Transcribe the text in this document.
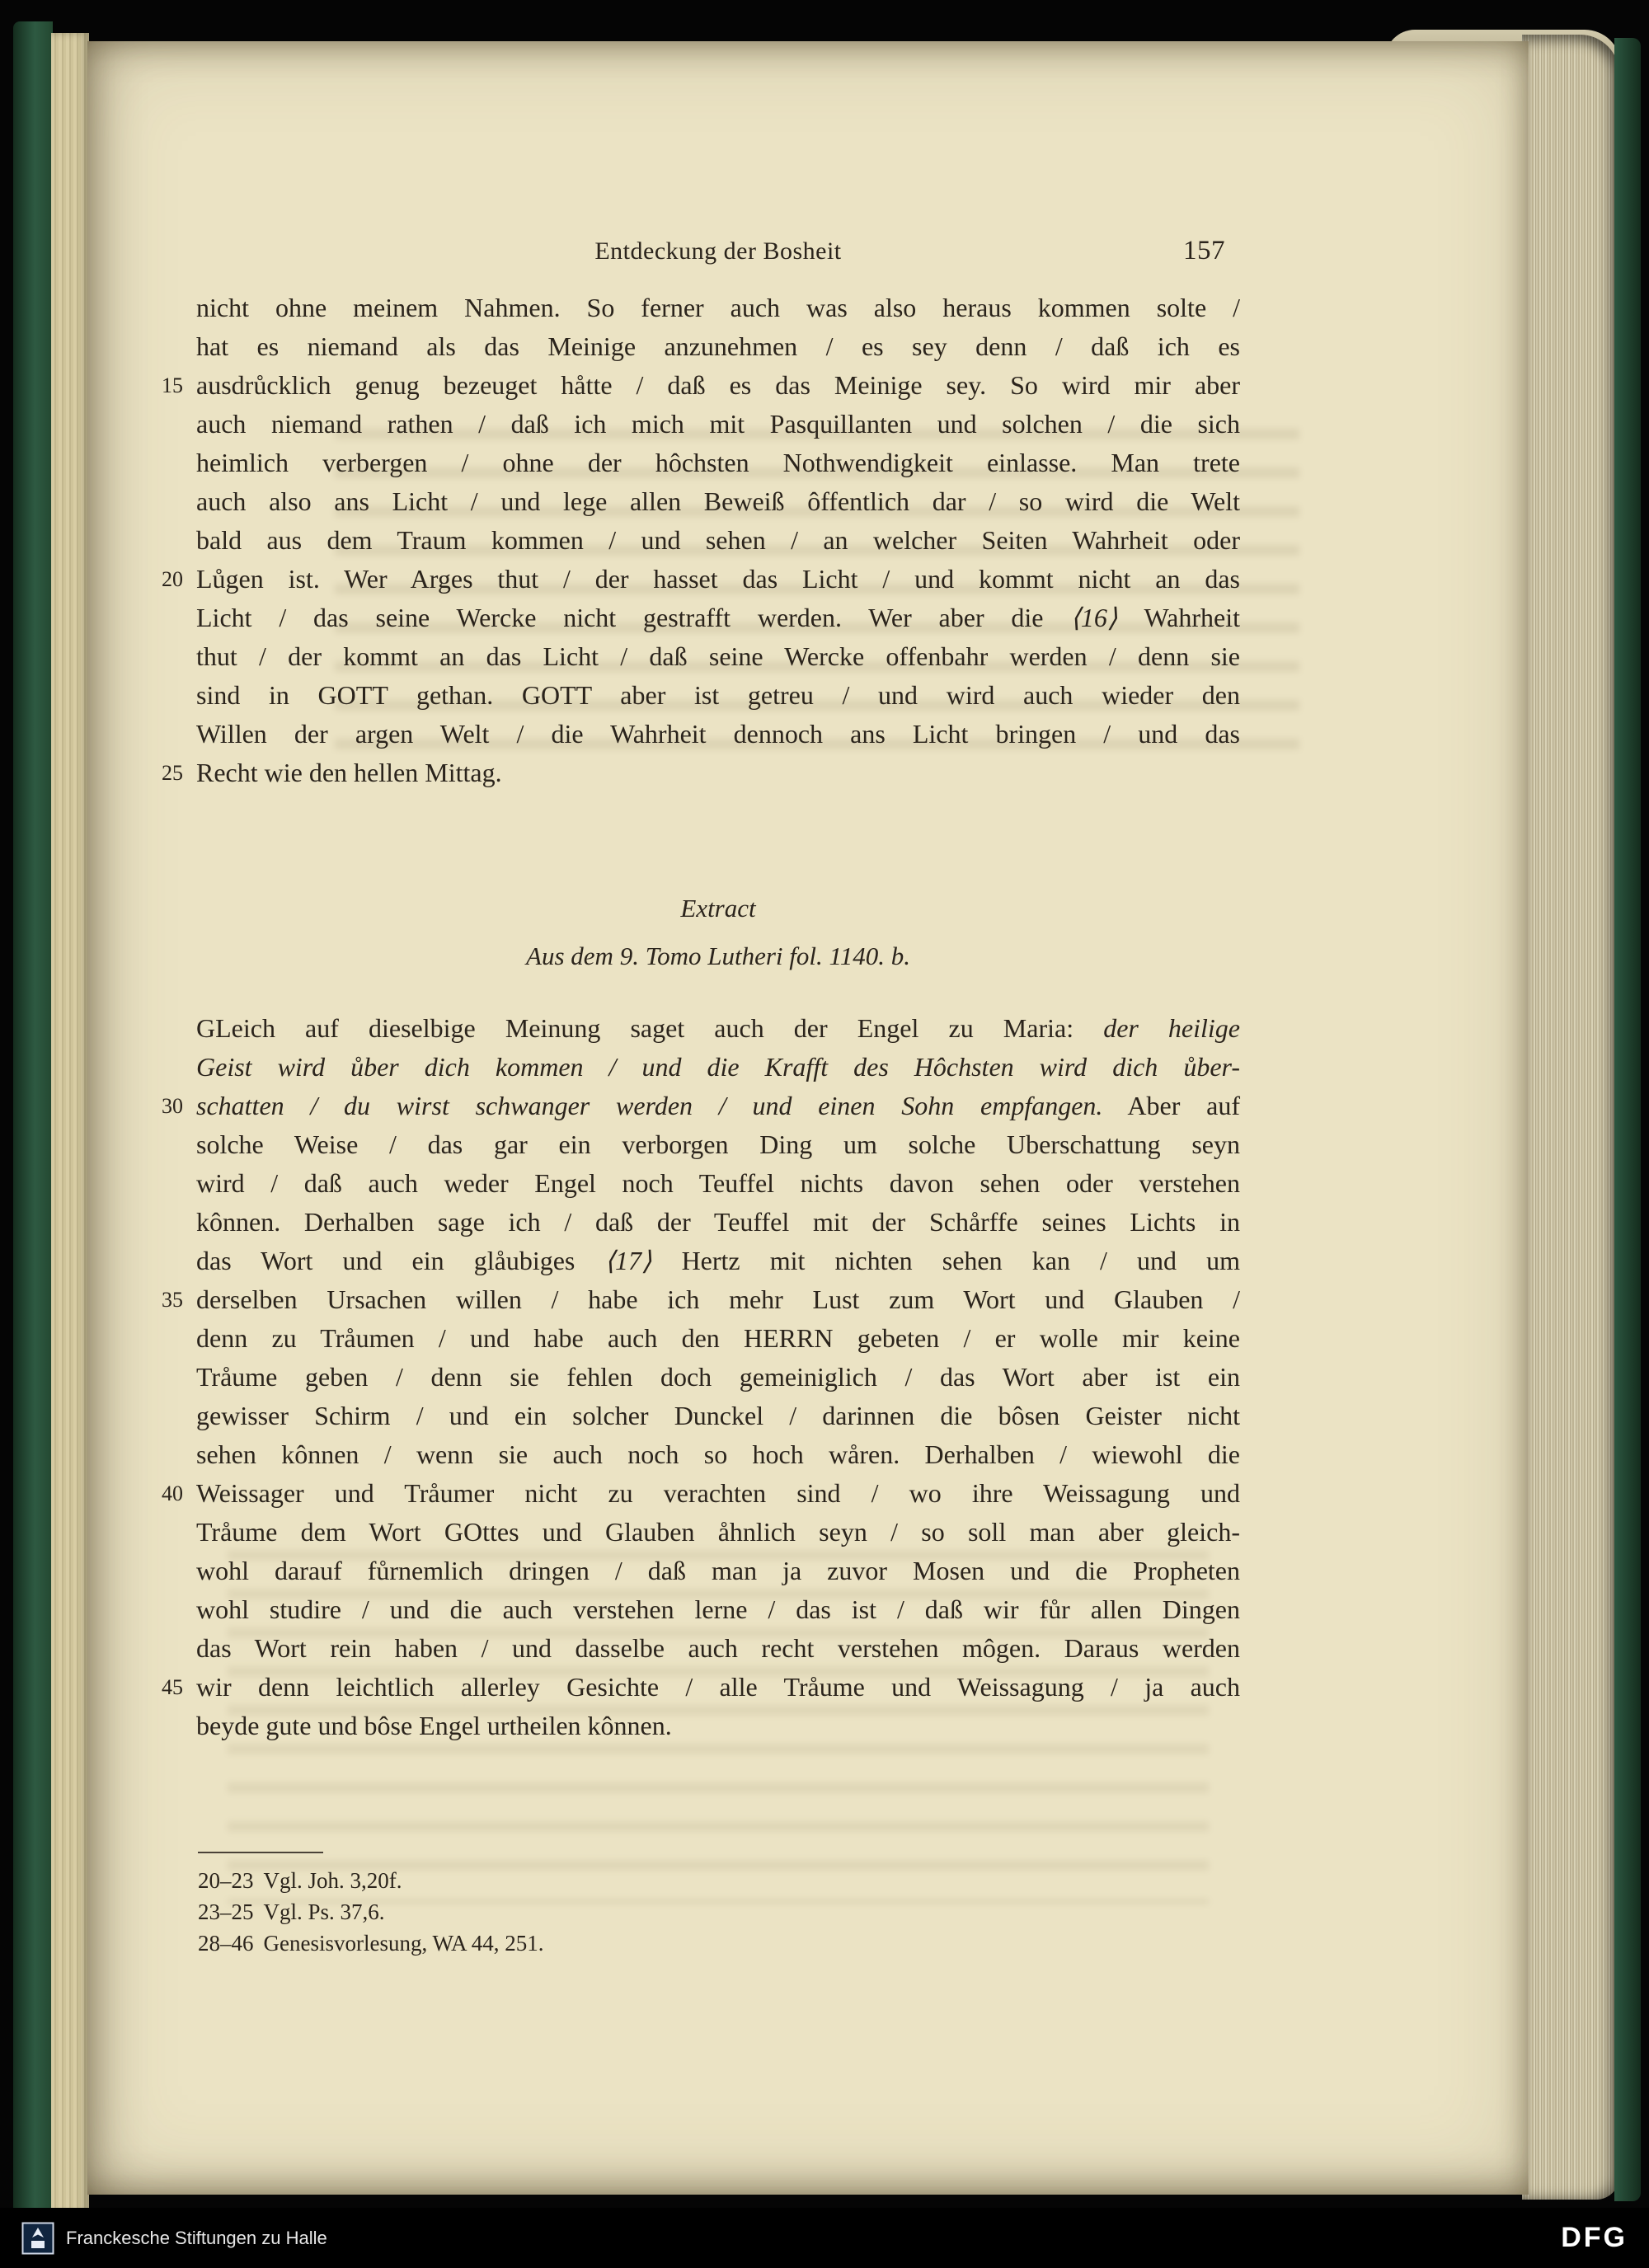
Entdeckung der Bosheit	157
nicht ohne meinem Nahmen. So ferner auch was also heraus kommen solte /
hat es niemand als das Meinige anzunehmen / es sey denn / daß ich es
15 ausdrůcklich genug bezeuget håtte / daß es das Meinige sey. So wird mir aber
auch niemand rathen / daß ich mich mit Pasquillanten und solchen / die sich
heimlich verbergen / ohne der hôchsten Nothwendigkeit einlasse. Man trete
auch also ans Licht / und lege allen Beweiß ôffentlich dar / so wird die Welt
bald aus dem Traum kommen / und sehen / an welcher Seiten Wahrheit oder
20 Lůgen ist. Wer Arges thut / der hasset das Licht / und kommt nicht an das
Licht / das seine Wercke nicht gestrafft werden. Wer aber die ⟨16⟩ Wahrheit
thut / der kommt an das Licht / daß seine Wercke offenbahr werden / denn sie
sind in GOTT gethan. GOTT aber ist getreu / und wird auch wieder den
Willen der argen Welt / die Wahrheit dennoch ans Licht bringen / und das
25 Recht wie den hellen Mittag.
Extract
Aus dem 9. Tomo Lutheri fol. 1140. b.
GLeich auf dieselbige Meinung saget auch der Engel zu Maria: der heilige
Geist wird ůber dich kommen / und die Krafft des Hôchsten wird dich ůber-
30 schatten / du wirst schwanger werden / und einen Sohn empfangen. Aber auf
solche Weise / das gar ein verborgen Ding um solche Uberschattung seyn
wird / daß auch weder Engel noch Teuffel nichts davon sehen oder verstehen
kônnen. Derhalben sage ich / daß der Teuffel mit der Schårffe seines Lichts in
das Wort und ein glåubiges ⟨17⟩ Hertz mit nichten sehen kan / und um
35 derselben Ursachen willen / habe ich mehr Lust zum Wort und Glauben /
denn zu Tråumen / und habe auch den HERRN gebeten / er wolle mir keine
Tråume geben / denn sie fehlen doch gemeiniglich / das Wort aber ist ein
gewisser Schirm / und ein solcher Dunckel / darinnen die bôsen Geister nicht
sehen kônnen / wenn sie auch noch so hoch wåren. Derhalben / wiewohl die
40 Weissager und Tråumer nicht zu verachten sind / wo ihre Weissagung und
Tråume dem Wort GOttes und Glauben åhnlich seyn / so soll man aber gleich-
wohl darauf fůrnemlich dringen / daß man ja zuvor Mosen und die Propheten
wohl studire / und die auch verstehen lerne / das ist / daß wir fůr allen Dingen
das Wort rein haben / und dasselbe auch recht verstehen môgen. Daraus werden
45 wir denn leichtlich allerley Gesichte / alle Tråume und Weissagung / ja auch
beyde gute und bôse Engel urtheilen kônnen.
20–23 Vgl. Joh. 3,20f.
23–25 Vgl. Ps. 37,6.
28–46 Genesisvorlesung, WA 44, 251.
Franckesche Stiftungen zu Halle	DFG
